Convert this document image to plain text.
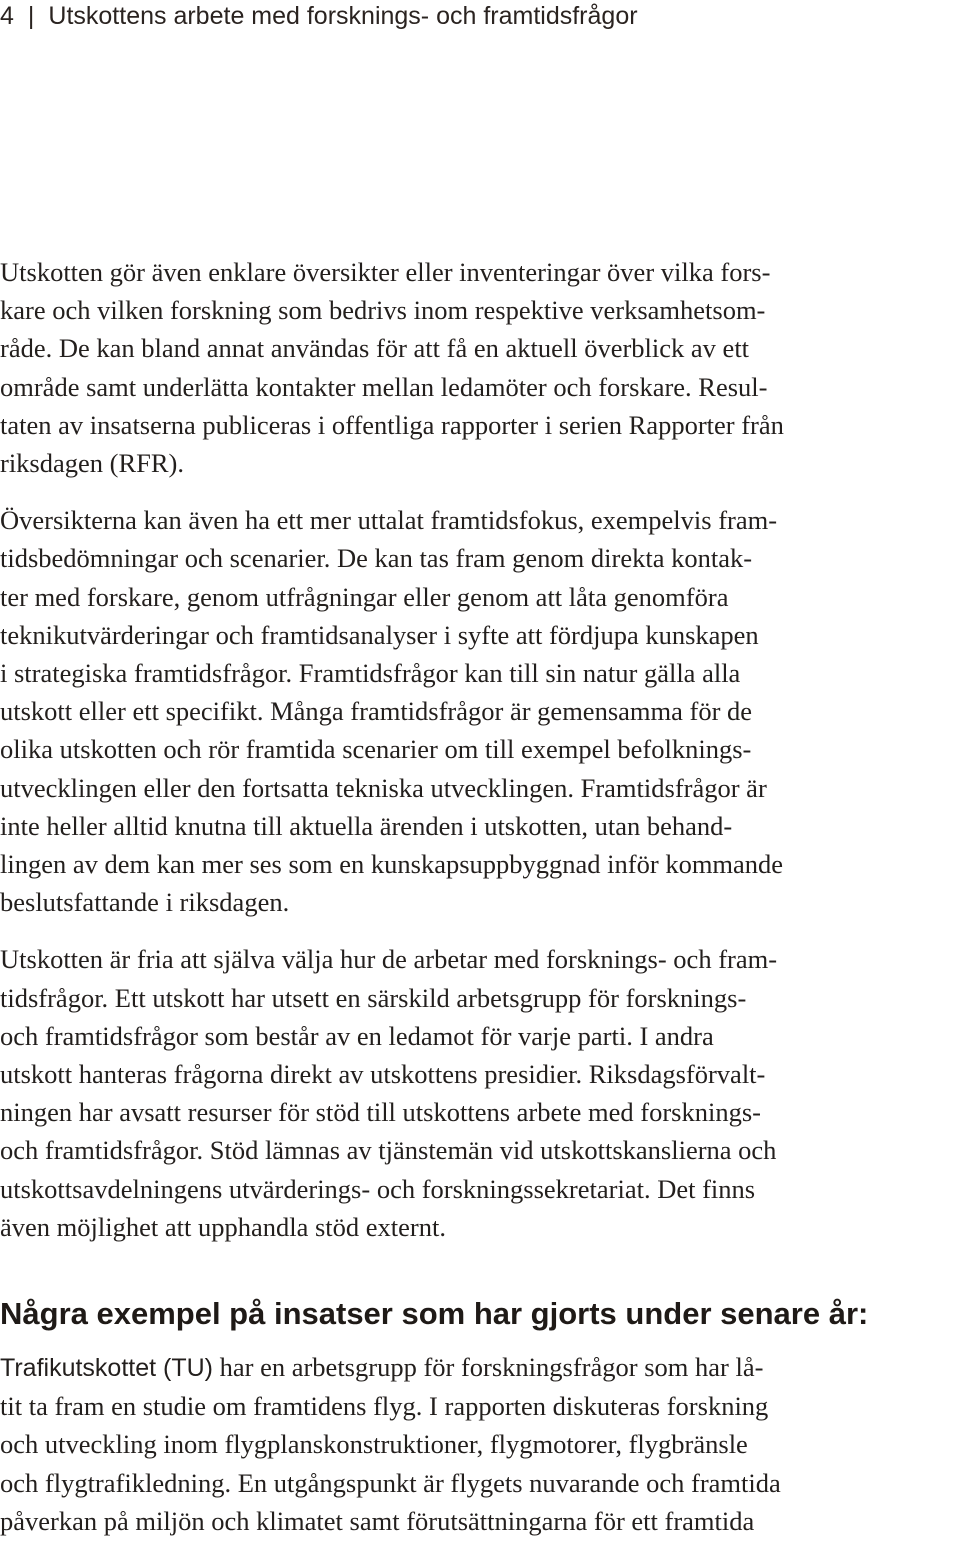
4 | Utskottens arbete med forsknings- och framtidsfrågor

Utskotten gör även enklare översikter eller inventeringar över vilka fors-
kare och vilken forskning som bedrivs inom respektive verksamhetsom-
råde. De kan bland annat användas för att få en aktuell överblick av ett
område samt underlätta kontakter mellan ledamöter och forskare. Resul-
taten av insatserna publiceras i offentliga rapporter i serien Rapporter från
riksdagen (RFR).

Översikterna kan även ha ett mer uttalat framtidsfokus, exempelvis fram-
tidsbedömningar och scenarier. De kan tas fram genom direkta kontak-
ter med forskare, genom utfrågningar eller genom att låta genomföra
teknikutvärderingar och framtidsanalyser i syfte att fördjupa kunskapen
i strategiska framtidsfrågor. Framtidsfrågor kan till sin natur gälla alla
utskott eller ett specifikt. Många framtidsfrågor är gemensamma för de
olika utskotten och rör framtida scenarier om till exempel befolknings-
utvecklingen eller den fortsatta tekniska utvecklingen. Framtidsfrågor är
inte heller alltid knutna till aktuella ärenden i utskotten, utan behand-
lingen av dem kan mer ses som en kunskapsuppbyggnad inför kommande
beslutsfattande i riksdagen.

Utskotten är fria att själva välja hur de arbetar med forsknings- och fram-
tidsfrågor. Ett utskott har utsett en särskild arbetsgrupp för forsknings-
och framtidsfrågor som består av en ledamot för varje parti. I andra
utskott hanteras frågorna direkt av utskottens presidier. Riksdagsförvalt-
ningen har avsatt resurser för stöd till utskottens arbete med forsknings-
och framtidsfrågor. Stöd lämnas av tjänstemän vid utskottskanslierna och
utskottsavdelningens utvärderings- och forskningssekretariat. Det finns
även möjlighet att upphandla stöd externt.

Några exempel på insatser som har gjorts under senare år:

Trafikutskottet (TU) har en arbetsgrupp för forskningsfrågor som har lå-
tit ta fram en studie om framtidens flyg. I rapporten diskuteras forskning
och utveckling inom flygplanskonstruktioner, flygmotorer, flygbränsle
och flygtrafikledning. En utgångspunkt är flygets nuvarande och framtida
påverkan på miljön och klimatet samt förutsättningarna för ett framtida
